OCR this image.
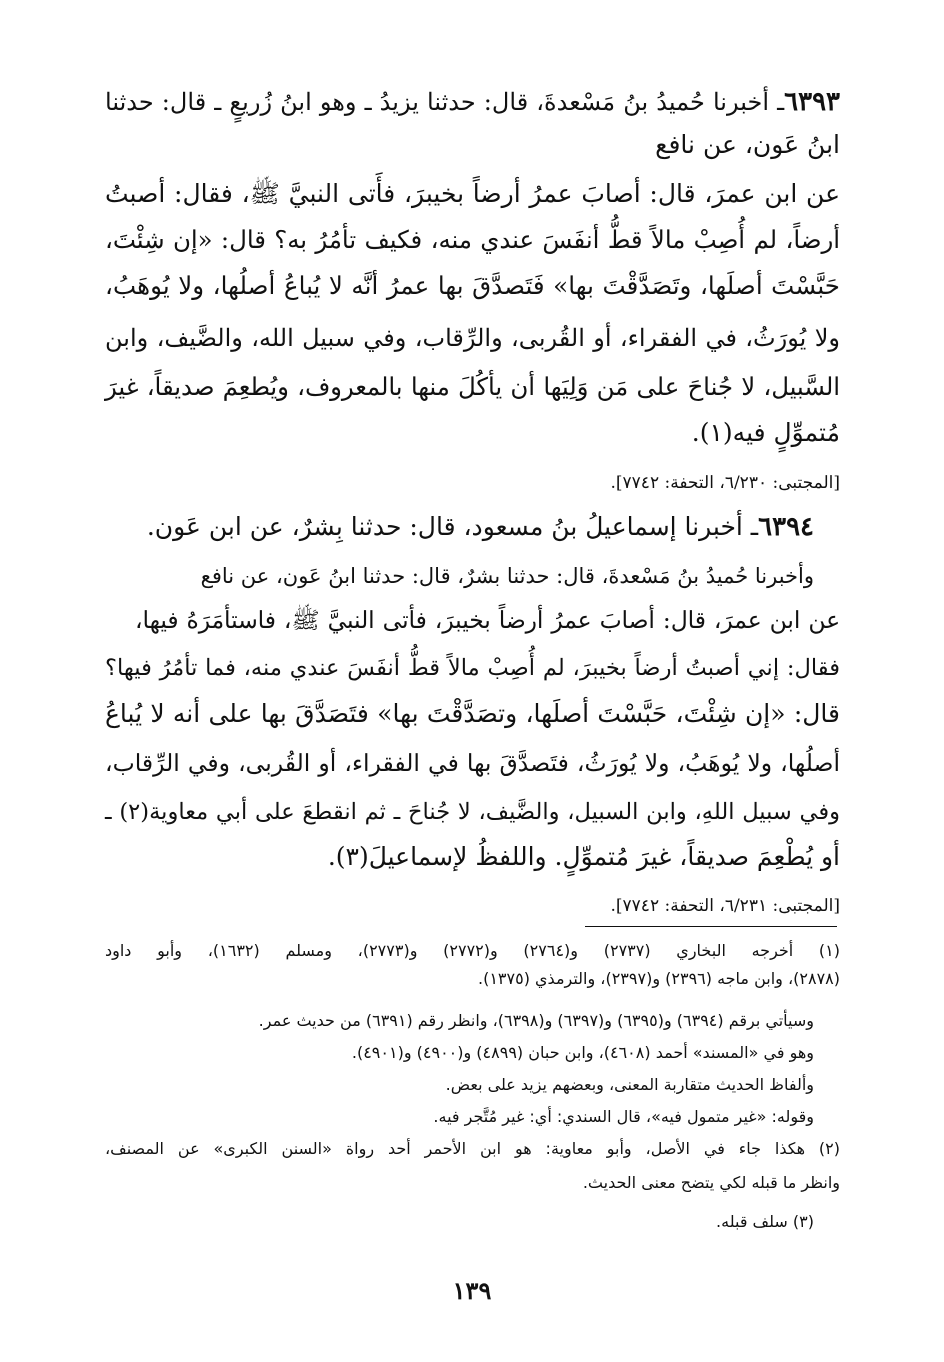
٦٣٩٣ـ أخبرنا حُميدُ بنُ مَسْعدةَ، قال: حدثنا يزيدُ ـ وهو ابنُ زُريعٍ ـ قال: حدثنا
ابنُ عَون، عن نافع
عن ابن عمرَ، قال: أصابَ عمرُ أرضاً بخيبرَ، فأَتى النبيَّ ﷺ، فقال: أصبتُ
أرضاً، لم أُصِبْ مالاً قطُّ أنفَسَ عندي منه، فكيف تأمُرُ به؟ قال: «إن شِئْتَ،
حَبَّسْتَ أصلَها، وتَصَدَّقْتَ بها» فَتَصدَّقَ بها عمرُ أنَّه لا يُباعُ أصلُها، ولا يُوهَبُ،
ولا يُورَثُ، في الفقراء، أو القُربى، والرِّقاب، وفي سبيل الله، والضَّيف، وابن
السَّبيل، لا جُناحَ على مَن وَلِيَها أن يأكُلَ منها بالمعروف، ويُطعِمَ صديقاً، غيرَ
مُتموِّلٍ فيه(١).
[المجتبى: ٦/٢٣٠، التحفة: ٧٧٤٢].
٦٣٩٤ـ أخبرنا إسماعيلُ بنُ مسعود، قال: حدثنا بِشرٌ، عن ابن عَون.
وأخبرنا حُميدُ بنُ مَسْعدةَ، قال: حدثنا بشرٌ، قال: حدثنا ابنُ عَون، عن نافع
عن ابن عمرَ، قال: أصابَ عمرُ أرضاً بخيبرَ، فأتى النبيَّ ﷺ، فاستأمَرَهُ فيها،
فقال: إني أصبتُ أرضاً بخيبرَ، لم أُصِبْ مالاً قطُّ أنفَسَ عندي منه، فما تأمُرُ فيها؟
قال: «إن شِئْتَ، حَبَّسْتَ أصلَها، وتصَدَّقْتَ بها» فتَصَدَّقَ بها على أنه لا يُباعُ
أصلُها، ولا يُوهَبُ، ولا يُورَثُ، فتَصدَّقَ بها في الفقراء، أو القُربى، وفي الرِّقاب،
وفي سبيل اللهِ، وابن السبيل، والضَّيف، لا جُناحَ ـ ثم انقطعَ على أبي معاوية(٢) ـ
أو يُطْعِمَ صديقاً، غيرَ مُتموِّلٍ. واللفظُ لإسماعيلَ(٣).
[المجتبى: ٦/٢٣١، التحفة: ٧٧٤٢].
(١) أخرجه البخاري (٢٧٣٧) و(٢٧٦٤) و(٢٧٧٢) و(٢٧٧٣)، ومسلم (١٦٣٢)، وأبو داود
(٢٨٧٨)، وابن ماجه (٢٣٩٦) و(٢٣٩٧)، والترمذي (١٣٧٥).
وسيأتي برقم (٦٣٩٤) و(٦٣٩٥) و(٦٣٩٧) و(٦٣٩٨)، وانظر رقم (٦٣٩١) من حديث عمر.
وهو في «المسند» أحمد (٤٦٠٨)، وابن حبان (٤٨٩٩) و(٤٩٠٠) و(٤٩٠١).
وألفاظ الحديث متقاربة المعنى، وبعضهم يزيد على بعض.
وقوله: «غير متمول فيه»، قال السندي: أي: غير مُتَّجر فيه.
(٢) هكذا جاء في الأصل، وأبو معاوية: هو ابن الأحمر أحد رواة «السنن الكبرى» عن المصنف،
وانظر ما قبله لكي يتضح معنى الحديث.
(٣) سلف قبله.
١٣٩
